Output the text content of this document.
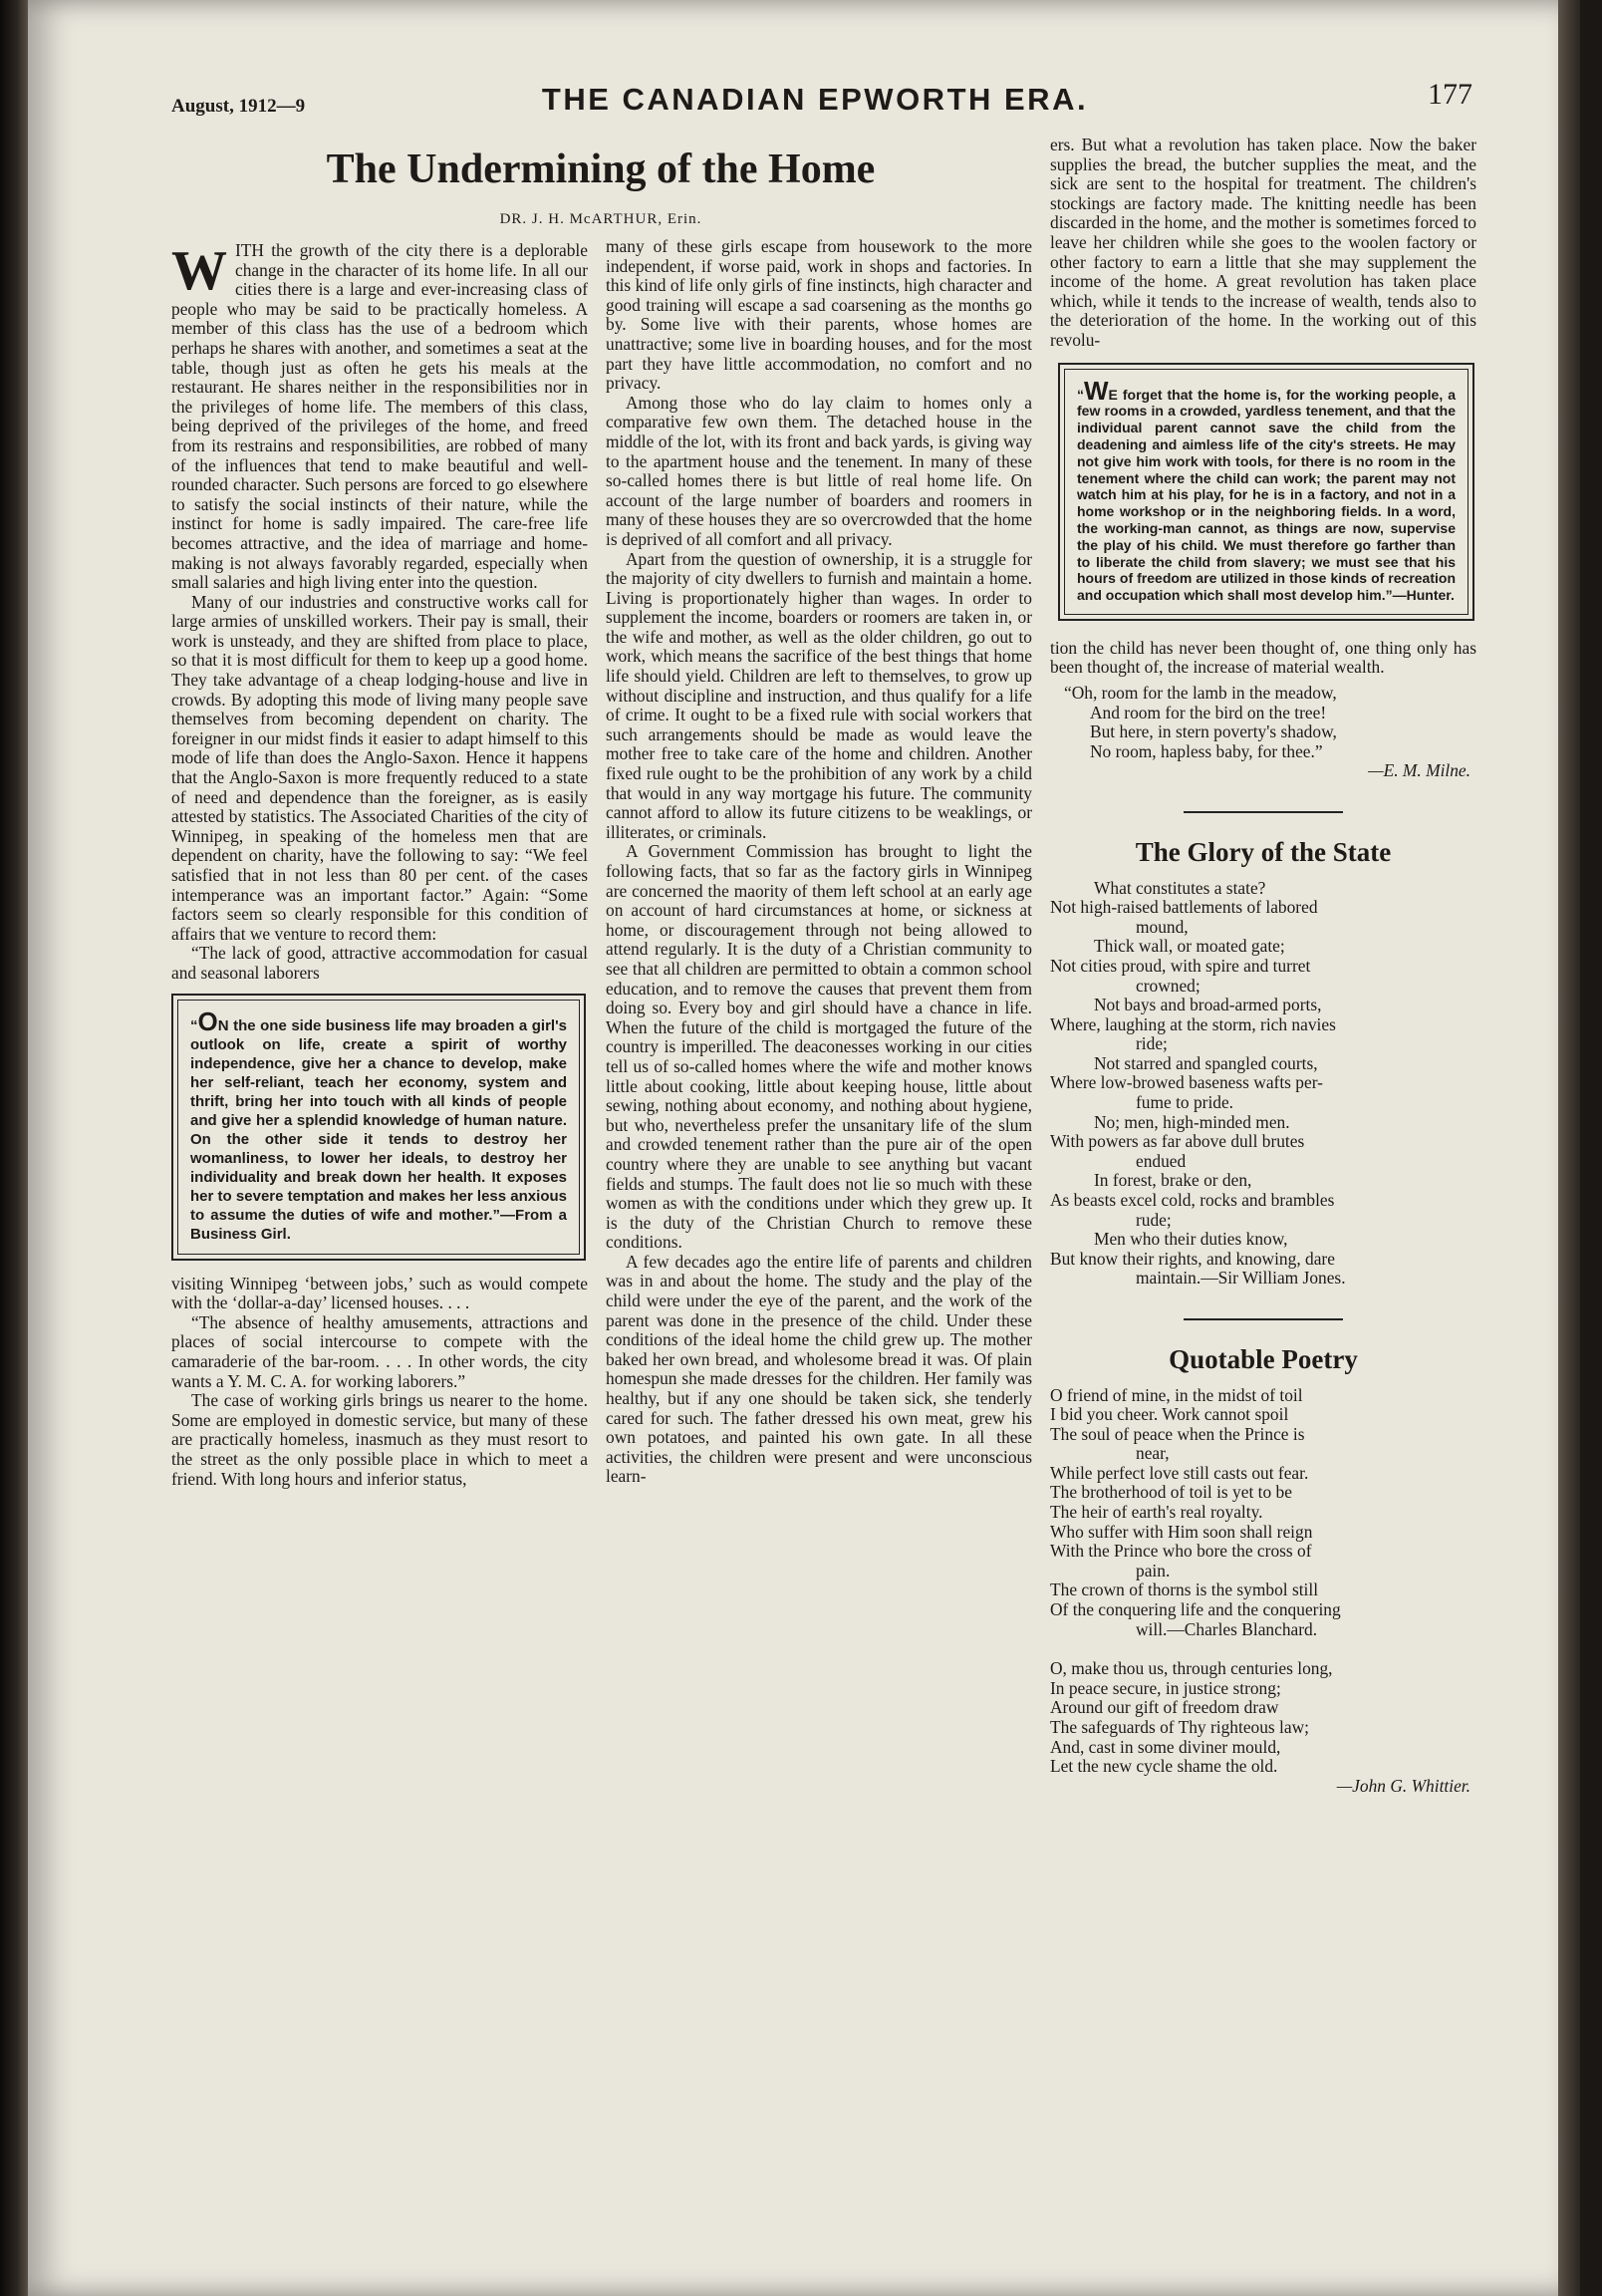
August, 1912—9	THE CANADIAN EPWORTH ERA.	177
The Undermining of the Home
DR. J. H. McARTHUR, Erin.

WITH the growth of the city there is a deplorable change in the character of its home life. In all our cities there is a large and ever-increasing class of people who may be said to be practically homeless. A member of this class has the use of a bedroom which perhaps he shares with another, and sometimes a seat at the table, though just as often he gets his meals at the restaurant. He shares neither in the responsibilities nor in the privileges of home life. The members of this class, being deprived of the privileges of the home, and freed from its restrains and responsibilities, are robbed of many of the influences that tend to make beautiful and well-rounded character. Such persons are forced to go elsewhere to satisfy the social instincts of their nature, while the instinct for home is sadly impaired. The care-free life becomes attractive, and the idea of marriage and home-making is not always favorably regarded, especially when small salaries and high living enter into the question.

Many of our industries and constructive works call for large armies of unskilled workers. Their pay is small, their work is unsteady, and they are shifted from place to place, so that it is most difficult for them to keep up a good home. They take advantage of a cheap lodging-house and live in crowds. By adopting this mode of living many people save themselves from becoming dependent on charity. The foreigner in our midst finds it easier to adapt himself to this mode of life than does the Anglo-Saxon. Hence it happens that the Anglo-Saxon is more frequently reduced to a state of need and dependence than the foreigner, as is easily attested by statistics. The Associated Charities of the city of Winnipeg, in speaking of the homeless men that are dependent on charity, have the following to say: “We feel satisfied that in not less than 80 per cent. of the cases intemperance was an important factor.” Again: “Some factors seem so clearly responsible for this condition of affairs that we venture to record them:

“The lack of good, attractive accommodation for casual and seasonal laborers

“ON the one side business life may broaden a girl's outlook on life, create a spirit of worthy independence, give her a chance to develop, make her self-reliant, teach her economy, system and thrift, bring her into touch with all kinds of people and give her a splendid knowledge of human nature. On the other side it tends to destroy her womanliness, to lower her ideals, to destroy her individuality and break down her health. It exposes her to severe temptation and makes her less anxious to assume the duties of wife and mother.”—From a Business Girl.

visiting Winnipeg ‘between jobs,’ such as would compete with the ‘dollar-a-day’ licensed houses. . . .

“The absence of healthy amusements, attractions and places of social intercourse to compete with the camaraderie of the bar-room. . . . In other words, the city wants a Y. M. C. A. for working laborers.”

The case of working girls brings us nearer to the home. Some are employed in domestic service, but many of these are practically homeless, inasmuch as they must resort to the street as the only possible place in which to meet a friend. With long hours and inferior status,

many of these girls escape from housework to the more independent, if worse paid, work in shops and factories. In this kind of life only girls of fine instincts, high character and good training will escape a sad coarsening as the months go by. Some live with their parents, whose homes are unattractive; some live in boarding houses, and for the most part they have little accommodation, no comfort and no privacy.

Among those who do lay claim to homes only a comparative few own them. The detached house in the middle of the lot, with its front and back yards, is giving way to the apartment house and the tenement. In many of these so-called homes there is but little of real home life. On account of the large number of boarders and roomers in many of these houses they are so overcrowded that the home is deprived of all comfort and all privacy.

Apart from the question of ownership, it is a struggle for the majority of city dwellers to furnish and maintain a home. Living is proportionately higher than wages. In order to supplement the income, boarders or roomers are taken in, or the wife and mother, as well as the older children, go out to work, which means the sacrifice of the best things that home life should yield. Children are left to themselves, to grow up without discipline and instruction, and thus qualify for a life of crime. It ought to be a fixed rule with social workers that such arrangements should be made as would leave the mother free to take care of the home and children. Another fixed rule ought to be the prohibition of any work by a child that would in any way mortgage his future. The community cannot afford to allow its future citizens to be weaklings, or illiterates, or criminals.

A Government Commission has brought to light the following facts, that so far as the factory girls in Winnipeg are concerned the maority of them left school at an early age on account of hard circumstances at home, or sickness at home, or discouragement through not being allowed to attend regularly. It is the duty of a Christian community to see that all children are permitted to obtain a common school education, and to remove the causes that prevent them from doing so. Every boy and girl should have a chance in life. When the future of the child is mortgaged the future of the country is imperilled. The deaconesses working in our cities tell us of so-called homes where the wife and mother knows little about cooking, little about keeping house, little about sewing, nothing about economy, and nothing about hygiene, but who, nevertheless prefer the unsanitary life of the slum and crowded tenement rather than the pure air of the open country where they are unable to see anything but vacant fields and stumps. The fault does not lie so much with these women as with the conditions under which they grew up. It is the duty of the Christian Church to remove these conditions.

A few decades ago the entire life of parents and children was in and about the home. The study and the play of the child were under the eye of the parent, and the work of the parent was done in the presence of the child. Under these conditions of the ideal home the child grew up. The mother baked her own bread, and wholesome bread it was. Of plain homespun she made dresses for the children. Her family was healthy, but if any one should be taken sick, she tenderly cared for such. The father dressed his own meat, grew his own potatoes, and painted his own gate. In all these activities, the children were present and were unconscious learn-

ers. But what a revolution has taken place. Now the baker supplies the bread, the butcher supplies the meat, and the sick are sent to the hospital for treatment. The children's stockings are factory made. The knitting needle has been discarded in the home, and the mother is sometimes forced to leave her children while she goes to the woolen factory or other factory to earn a little that she may supplement the income of the home. A great revolution has taken place which, while it tends to the increase of wealth, tends also to the deterioration of the home. In the working out of this revolu-

“WE forget that the home is, for the working people, a few rooms in a crowded, yardless tenement, and that the individual parent cannot save the child from the deadening and aimless life of the city's streets. He may not give him work with tools, for there is no room in the tenement where the child can work; the parent may not watch him at his play, for he is in a factory, and not in a home workshop or in the neighboring fields. In a word, the working-man cannot, as things are now, supervise the play of his child. We must therefore go farther than to liberate the child from slavery; we must see that his hours of freedom are utilized in those kinds of recreation and occupation which shall most develop him.”—Hunter.

tion the child has never been thought of, one thing only has been thought of, the increase of material wealth.

“Oh, room for the lamb in the meadow,
And room for the bird on the tree!
But here, in stern poverty's shadow,
No room, hapless baby, for thee.”
—E. M. Milne.
The Glory of the State
What constitutes a state?
Not high-raised battlements of labored
mound,
Thick wall, or moated gate;
Not cities proud, with spire and turret
crowned;
Not bays and broad-armed ports,
Where, laughing at the storm, rich navies
ride;
Not starred and spangled courts,
Where low-browed baseness wafts per-
fume to pride.
No; men, high-minded men.
With powers as far above dull brutes
endued
In forest, brake or den,
As beasts excel cold, rocks and brambles
rude;
Men who their duties know,
But know their rights, and knowing, dare
maintain.—Sir William Jones.
Quotable Poetry
O friend of mine, in the midst of toil
I bid you cheer. Work cannot spoil
The soul of peace when the Prince is
near,
While perfect love still casts out fear.
The brotherhood of toil is yet to be
The heir of earth's real royalty.
Who suffer with Him soon shall reign
With the Prince who bore the cross of
pain.
The crown of thorns is the symbol still
Of the conquering life and the conquering
will.—Charles Blanchard.
O, make thou us, through centuries long,
In peace secure, in justice strong;
Around our gift of freedom draw
The safeguards of Thy righteous law;
And, cast in some diviner mould,
Let the new cycle shame the old.
—John G. Whittier.
